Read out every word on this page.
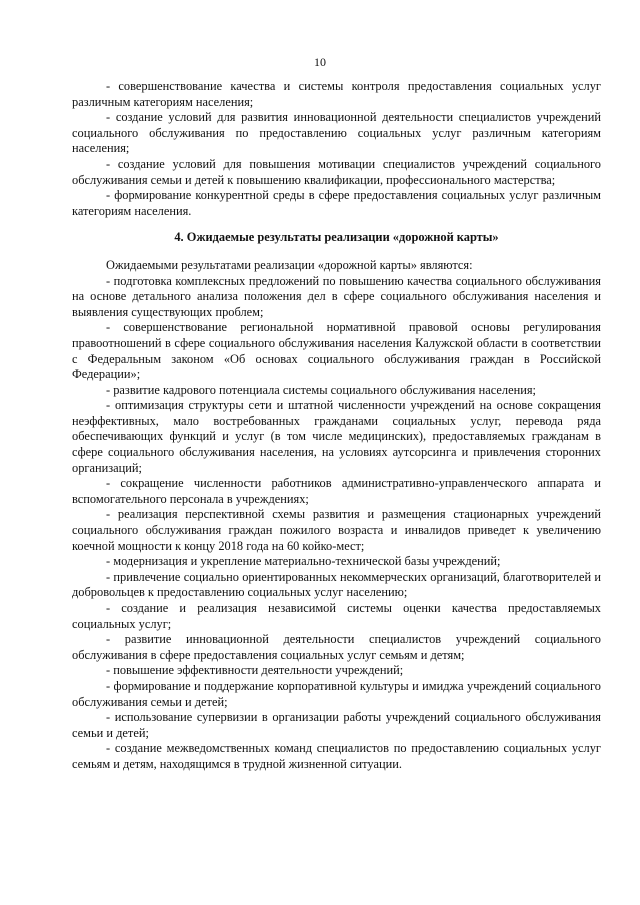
10

- совершенствование качества и системы контроля предоставления социальных услуг различным категориям населения;

- создание условий для развития инновационной деятельности специалистов учреждений социального обслуживания по предоставлению социальных услуг различным категориям населения;

- создание условий для повышения мотивации специалистов учреждений социального обслуживания семьи и детей к повышению квалификации, профессионального мастерства;

- формирование конкурентной среды в сфере предоставления социальных услуг различным категориям населения.

4. Ожидаемые результаты реализации «дорожной карты»

Ожидаемыми результатами реализации «дорожной карты» являются:

- подготовка комплексных предложений по повышению качества социального обслуживания на основе детального анализа положения дел в сфере социального обслуживания населения и выявления существующих проблем;

- совершенствование региональной нормативной правовой основы регулирования правоотношений в сфере социального обслуживания населения Калужской области в соответствии с Федеральным законом «Об основах социального обслуживания граждан в Российской Федерации»;

- развитие кадрового потенциала системы социального обслуживания населения;

- оптимизация структуры сети и штатной численности учреждений на основе сокращения неэффективных, мало востребованных гражданами социальных услуг, перевода ряда обеспечивающих функций и услуг (в том числе медицинских), предоставляемых гражданам в сфере социального обслуживания населения, на условиях аутсорсинга и привлечения сторонних организаций;

- сокращение численности работников административно-управленческого аппарата и вспомогательного персонала в учреждениях;

- реализация перспективной схемы развития и размещения стационарных учреждений социального обслуживания граждан пожилого возраста и инвалидов приведет к увеличению коечной мощности к концу 2018 года на 60 койко-мест;

- модернизация и укрепление материально-технической базы учреждений;

- привлечение социально ориентированных некоммерческих организаций, благотворителей и добровольцев к предоставлению социальных услуг населению;

- создание и реализация независимой системы оценки качества предоставляемых социальных услуг;

- развитие инновационной деятельности специалистов учреждений социального обслуживания в сфере предоставления социальных услуг семьям и детям;

- повышение эффективности деятельности учреждений;

- формирование и поддержание корпоративной культуры и имиджа учреждений социального обслуживания семьи и детей;

- использование супервизии в организации работы учреждений социального обслуживания семьи и детей;

- создание межведомственных команд специалистов по предоставлению социальных услуг семьям и детям, находящимся в трудной жизненной ситуации.
